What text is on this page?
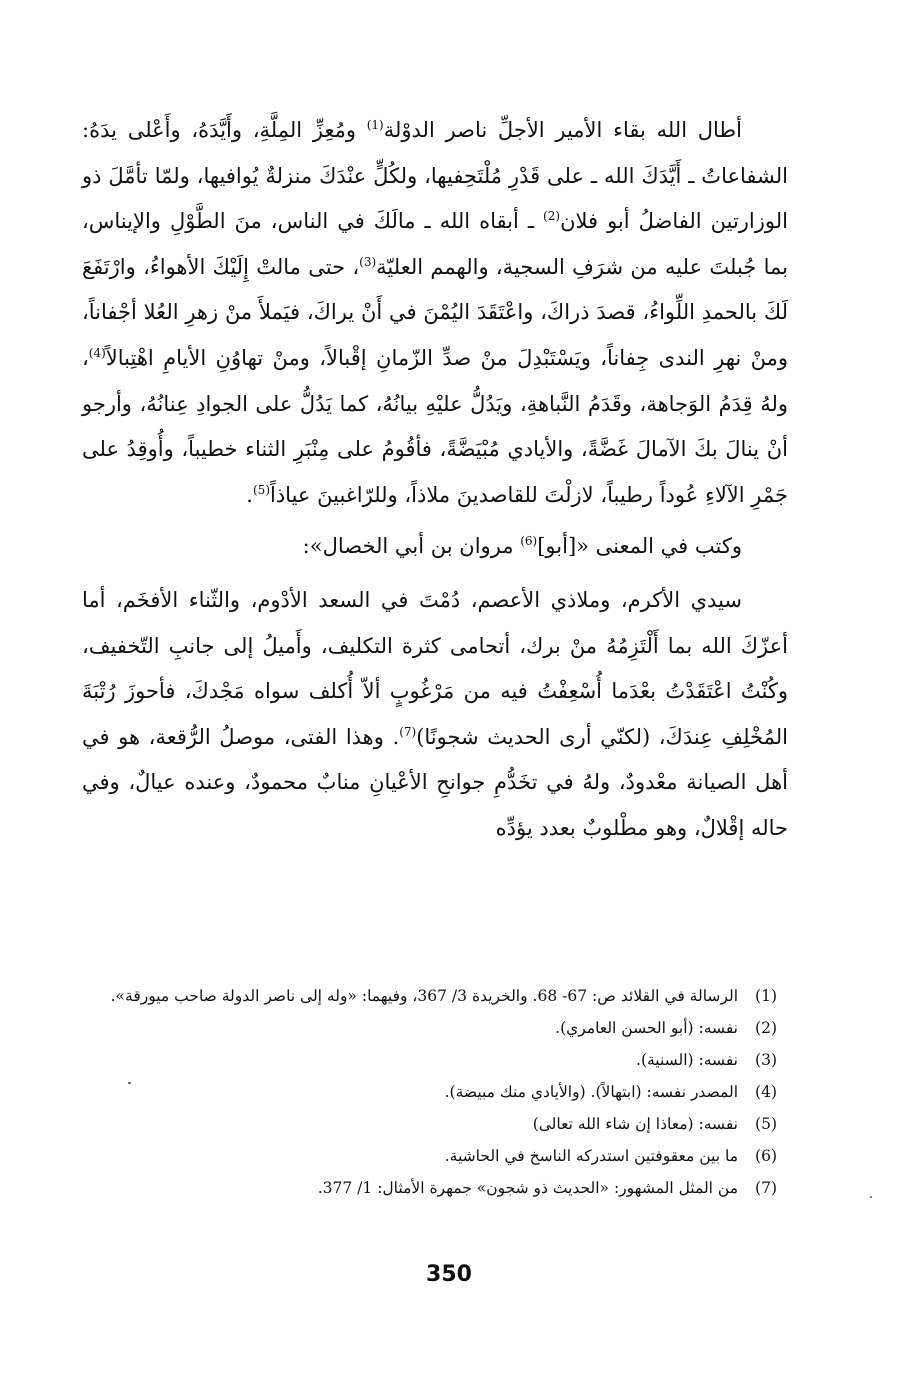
أطال الله بقاء الأمير الأجلِّ ناصر الدوْلة$^{(1)}$ ومُعِزِّ المِلَّةِ، وأَيَّدَهُ، وأَعْلى يدَهُ: الشفاعاتُ ـ أَيَّدَكَ الله ـ على قَدْرِ مُلْتَحِفيها، ولكُلٍّ عنْدَكَ منزلةٌ يُوافيها، ولمّا تأمَّلَ ذو الوزارتين الفاضلُ أبو فلان$^{(2)}$ ـ أبقاه الله ـ مالَكَ في الناس، منَ الطَّوْلِ والإيناس، بما جُبلتَ عليه من شرَفِ السجية، والهمم العليّة$^{(3)}$، حتى مالتْ إِلَيْكَ الأهواءُ، وارْتَفَعَ لَكَ بالحمدِ اللِّواءُ، قصدَ ذراكَ، واعْتَقَدَ اليُمْنَ في أَنْ يراكَ، فيَملأَ منْ زهرِ العُلا أجْفاناً، ومنْ نهرِ الندى جِفاناً، ويَسْتَبْدِلَ منْ صدِّ الزّمانِ إقْبالاً، ومنْ تهاوُنِ الأيامِ اهْتِبالاً$^{(4)}$، ولهُ قِدَمُ الوَجاهة، وقَدَمُ النَّباهةِ، ويَدُلُّ عليْهِ بيانُهُ، كما يَدُلُّ على الجوادِ عِنانُهُ، وأرجو أنْ ينالَ بكَ الآمالَ غَضَّةً، والأيادي مُبْيَضَّةً، فأقُومُ على مِنْبَرِ الثناء خطيباً، وأُوقِدُ على جَمْرِ الآلاءِ عُوداً رطيباً، لازلْتَ للقاصدينَ ملاذاً، وللرّاغبينَ عياذاً$^{(5)}$.

وكتب في المعنى «[أبو]$^{(6)}$ مروان بن أبي الخصال»:

سيدي الأكرم، وملاذي الأعصم، دُمْتَ في السعد الأدْوم، والثّناء الأفخَم، أما أعزّكَ الله بما أَلْتَزِمُهُ منْ برك، أتحامى كثرة التكليف، وأَميلُ إلى جانبِ التّخفيف، وكُنْتُ اعْتَقَدْتُ بعْدَما أُسْعِفْتُ فيه من مَرْغُوبٍ ألاّ أُكلف سواه مَجْدكَ، فأحوزَ رُتْبَةَ المُخْلِفِ عِندَكَ، (لكنّي أرى الحديث شجونًا)$^{(7)}$. وهذا الفتى، موصلُ الرُّقعة، هو في أهل الصيانة معْدودٌ، ولهُ في تخَدُّمِ جوانحِ الأعْيانِ منابٌ محمودٌ، وعنده عيالٌ، وفي حاله إقْلالٌ، وهو مطْلوبٌ بعدد يؤدِّه

(1)
الرسالة في القلائد ص: 67- 68. والخريدة 3/ 367، وفيهما: «وله إلى ناصر الدولة صاحب ميورقة».
(2)
نفسه: (أبو الحسن العامري).
(3)
نفسه: (السنية).
(4)
المصدر نفسه: (ابتهالاً). (والأيادي منك مبيضة).
(5)
نفسه: (معاذا إن شاء الله تعالى)
(6)
ما بين معقوفتين استدركه الناسخ في الحاشية.
(7)
من المثل المشهور: «الحديث ذو شجون» جمهرة الأمثال: 1/ 377.
350
